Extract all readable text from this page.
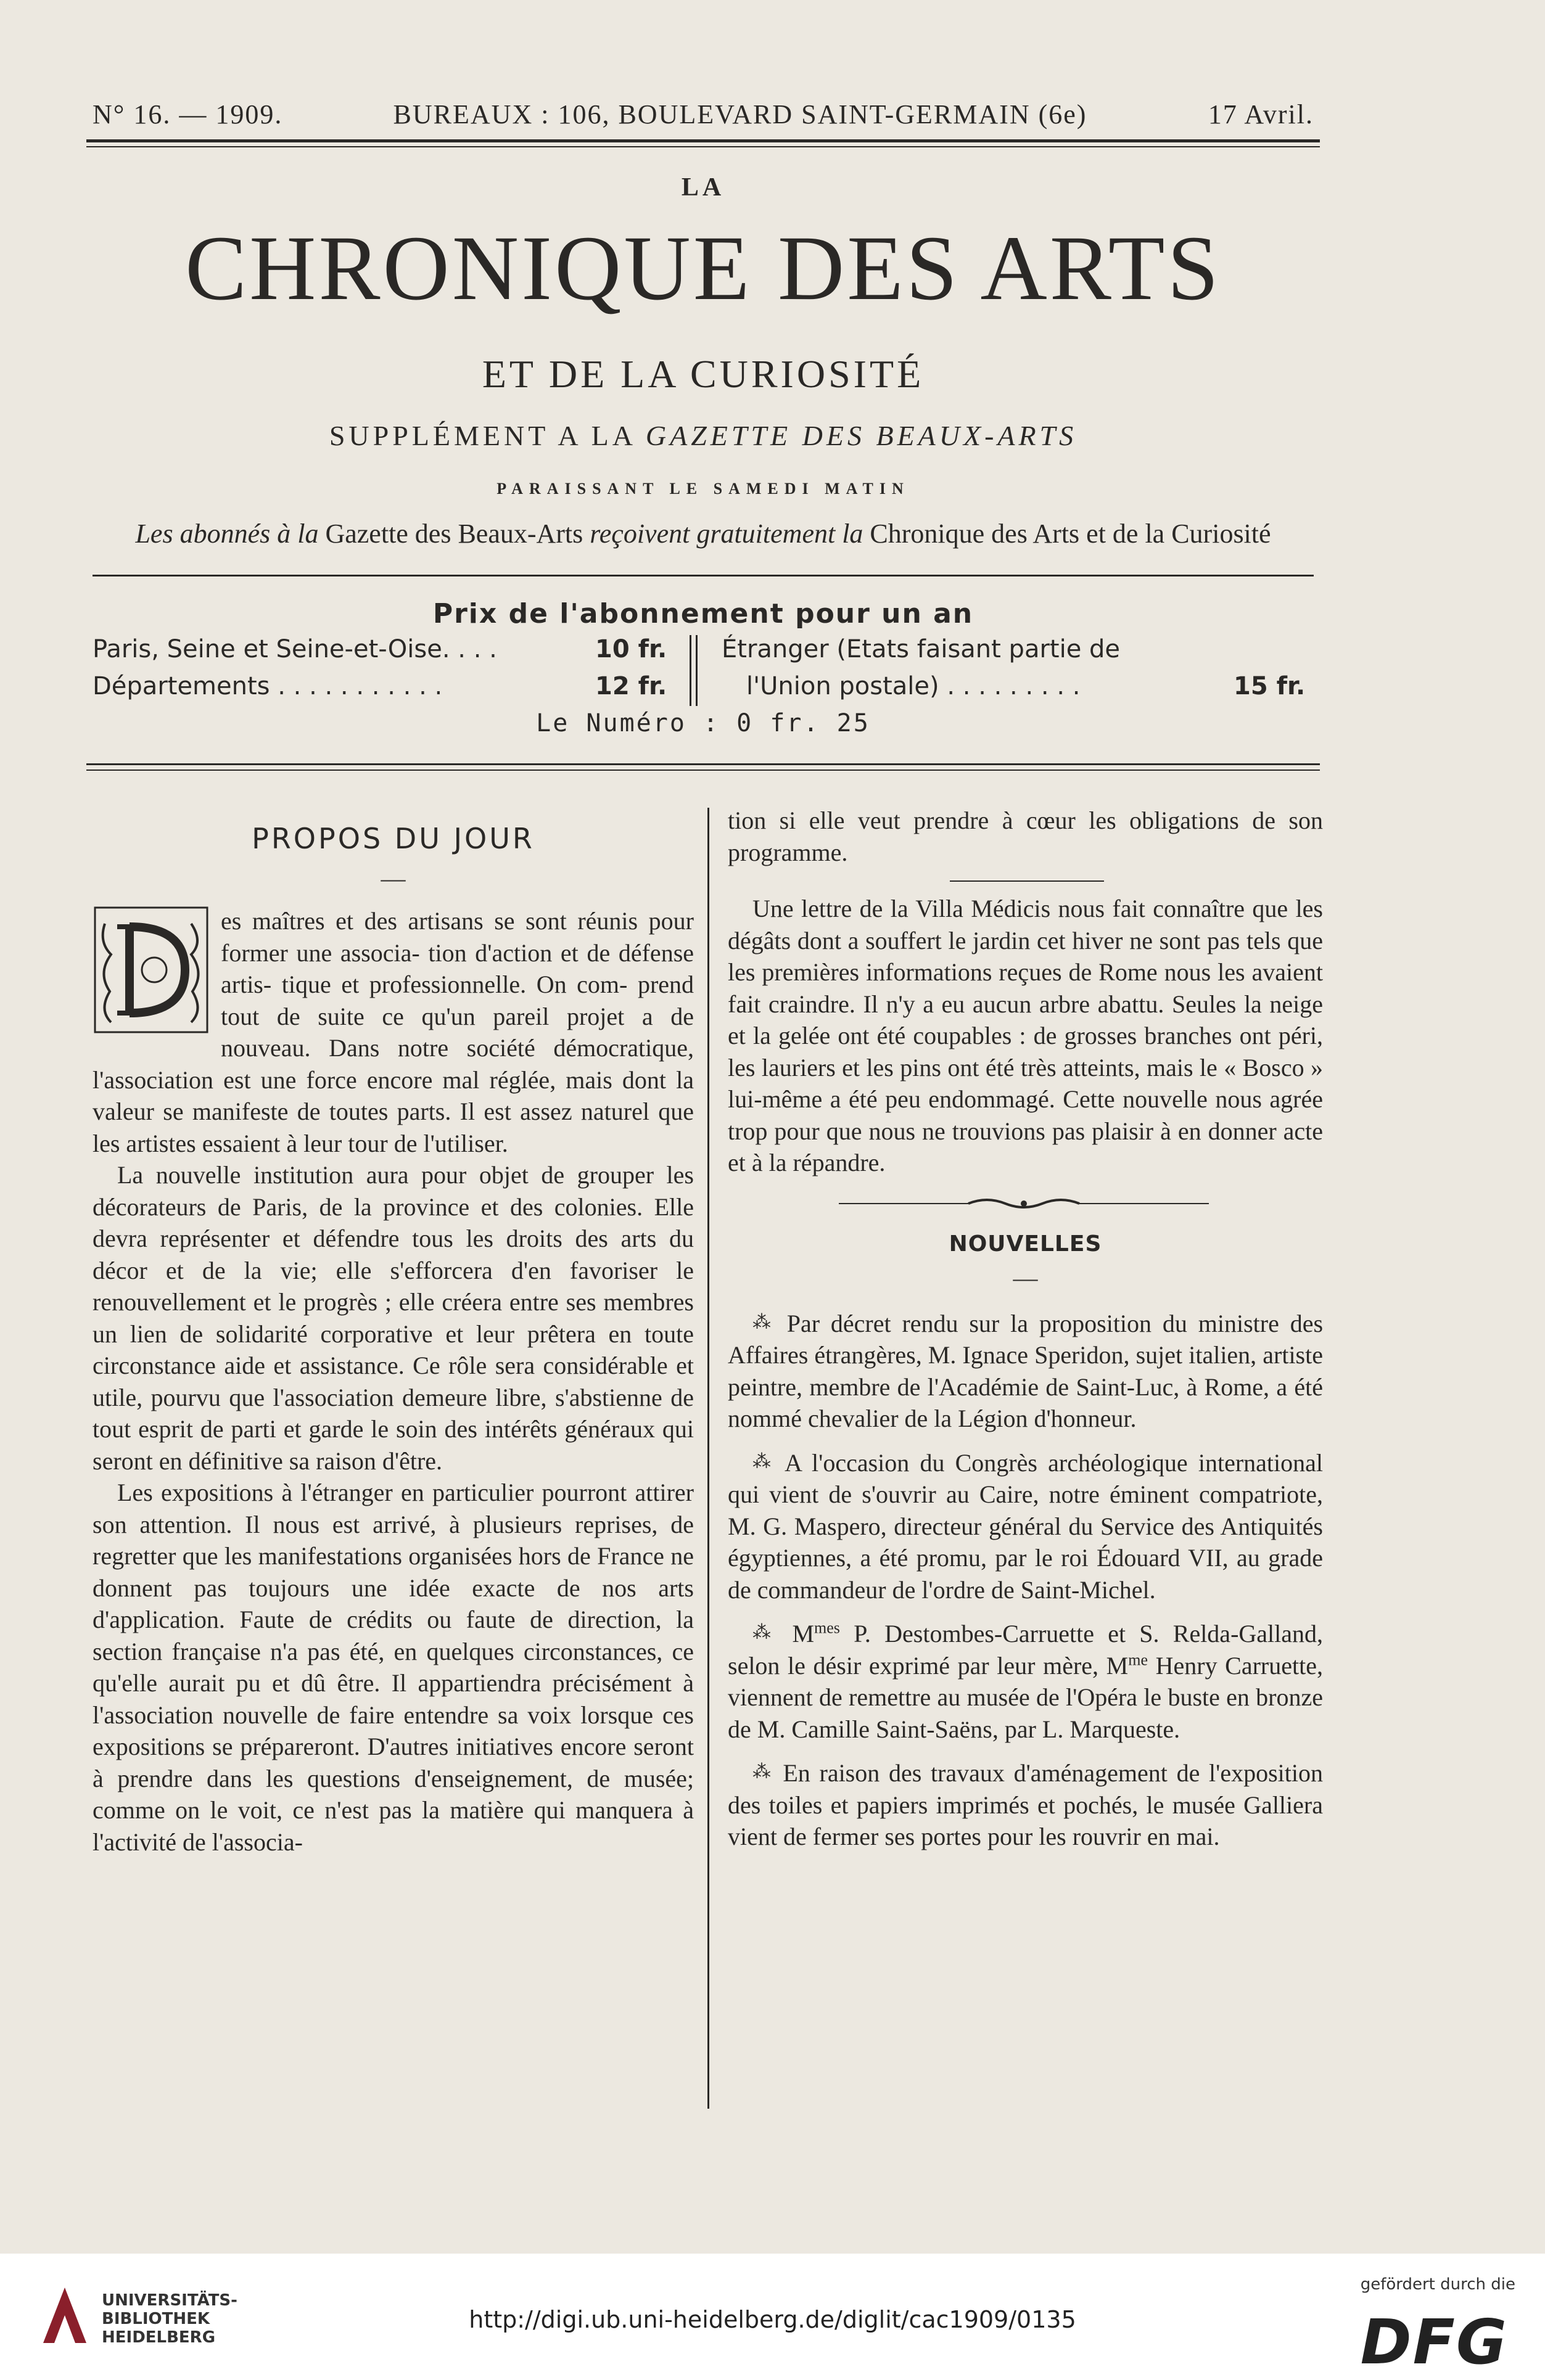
N° 16. — 1909.	BUREAUX : 106, BOULEVARD SAINT-GERMAIN (6e)	17 Avril.
LA
CHRONIQUE DES ARTS
ET DE LA CURIOSITÉ
SUPPLÉMENT A LA GAZETTE DES BEAUX-ARTS
PARAISSANT LE SAMEDI MATIN
Les abonnés à la Gazette des Beaux-Arts reçoivent gratuitement la Chronique des Arts et de la Curiosité
Prix de l'abonnement pour un an
Paris, Seine et Seine-et-Oise. . . .	10 fr.
Départements . . . . . . . . . . .	12 fr.
Étranger (Etats faisant partie de
l'Union postale) . . . . . . . . .	15 fr.
Le Numéro : 0 fr. 25
PROPOS DU JOUR
—

es maîtres et des artisans se sont réunis pour former une associa- tion d'action et de défense artis- tique et professionnelle. On com- prend tout de suite ce qu'un pareil projet a de nouveau. Dans notre société démocratique, l'association est une force encore mal réglée, mais dont la valeur se manifeste de toutes parts. Il est assez naturel que les artistes essaient à leur tour de l'utiliser.

La nouvelle institution aura pour objet de grouper les décorateurs de Paris, de la province et des colonies. Elle devra représenter et défendre tous les droits des arts du décor et de la vie; elle s'efforcera d'en favoriser le renouvellement et le progrès ; elle créera entre ses membres un lien de solidarité corporative et leur prêtera en toute circonstance aide et assistance. Ce rôle sera considérable et utile, pourvu que l'association demeure libre, s'abstienne de tout esprit de parti et garde le soin des intérêts généraux qui seront en définitive sa raison d'être.

Les expositions à l'étranger en particulier pourront attirer son attention. Il nous est arrivé, à plusieurs reprises, de regretter que les manifestations organisées hors de France ne donnent pas toujours une idée exacte de nos arts d'application. Faute de crédits ou faute de direction, la section française n'a pas été, en quelques circonstances, ce qu'elle aurait pu et dû être. Il appartiendra précisément à l'association nouvelle de faire entendre sa voix lorsque ces expositions se prépareront. D'autres initiatives encore seront à prendre dans les questions d'enseignement, de musée; comme on le voit, ce n'est pas la matière qui manquera à l'activité de l'associa-

tion si elle veut prendre à cœur les obligations de son programme.

Une lettre de la Villa Médicis nous fait connaître que les dégâts dont a souffert le jardin cet hiver ne sont pas tels que les premières informations reçues de Rome nous les avaient fait craindre. Il n'y a eu aucun arbre abattu. Seules la neige et la gelée ont été coupables : de grosses branches ont péri, les lauriers et les pins ont été très atteints, mais le « Bosco » lui-même a été peu endommagé. Cette nouvelle nous agrée trop pour que nous ne trouvions pas plaisir à en donner acte et à la répandre.

NOUVELLES
—

⁂ Par décret rendu sur la proposition du ministre des Affaires étrangères, M. Ignace Speridon, sujet italien, artiste peintre, membre de l'Académie de Saint-Luc, à Rome, a été nommé chevalier de la Légion d'honneur.

⁂ A l'occasion du Congrès archéologique international qui vient de s'ouvrir au Caire, notre éminent compatriote, M. G. Maspero, directeur général du Service des Antiquités égyptiennes, a été promu, par le roi Édouard VII, au grade de commandeur de l'ordre de Saint-Michel.

⁂ $M^{mes}$ P. Destombes-Carruette et S. Relda-Galland, selon le désir exprimé par leur mère, $M^{me}$ Henry Carruette, viennent de remettre au musée de l'Opéra le buste en bronze de M. Camille Saint-Saëns, par L. Marqueste.

⁂ En raison des travaux d'aménagement de l'exposition des toiles et papiers imprimés et pochés, le musée Galliera vient de fermer ses portes pour les rouvrir en mai.

UNIVERSITÄTS-
BIBLIOTHEK
HEIDELBERG
http://digi.ub.uni-heidelberg.de/diglit/cac1909/0135
gefördert durch die
DFG
